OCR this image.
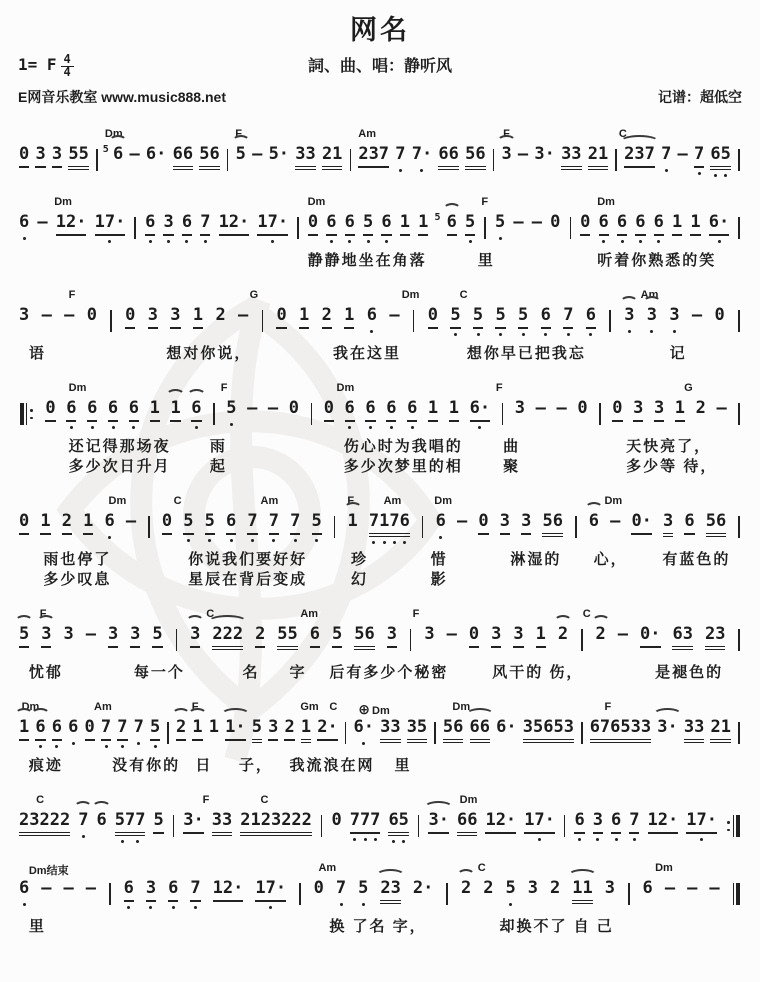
网名
1= F $\frac{4}{4}$	詞、曲、唱：静听风
E网音乐教室 www.music888.net	记谱：超低空
Dm	F	Am	F	C
0 3 3 55 5 6 — 6· 66 56 5 — 5· 33 21 237 7 7· 66 56 3 — 3· 33 21 237 7 — 7 65
Dm	Dm	F	Dm
6 — 12· 17· 6 3 6 7 12· 17· 0 6 6 5 6 1 1 5 6 5 5 — — 0 0 6 6 6 6 1 1 6·
静静地坐在角落	里	听着你熟悉的笑
F	G	Dm	C	Am
3 — — 0 0 3 3 1 2 — 0 1 2 1 6 — 0 5 5 5 5 6 7 6 3 3 3 — 0
语	想对你说，	我在这里	想你早已把我忘	记
Dm	F	Dm	F	G
0 6 6 6 6 1 1 6 5 — — 0 0 6 6 6 6 1 1 6· 3 — — 0 0 3 3 1 2 —
还记得那场夜	雨	伤心时为我唱的	曲	天快亮了，
多少次日升月	起	多少次梦里的相	聚	多少等 待，
Dm	C	Am	F	Am	Dm	Dm
0 1 2 1 6 — 0 5 5 6 7 7 7 5 1 7176 6 — 0 3 3 56 6 — 0· 3 6 56
雨也停了	你说我们要好好	珍	惜	淋湿的 心， 有蓝色的
多少叹息	星辰在背后变成	幻	影
F	C	Am	F	C
5 3 3 — 3 3 5 3 222 2 55 6 5 56 3 3 — 0 3 3 1 2 2 — 0· 63 23
忧郁	每一个	名 字 后有多少个秘密	风干的 伤，	是褪色的
Dm	Am	F	Gm C ⊕ Dm	Dm	F
1 6 6 6 0 7 7 7 5 2 1 1 1· 5 3 2 1 2· 6· 33 35 56 66 6· 35653 676533 3· 33 21
痕迹	没有你的 日 子， 我流浪在网 里
C	F	C	Dm
23222 7 6 577 5 3· 33 2123222 0 777 65 3· 66 12· 17· 6 3 6 7 12· 17·
Dm结束	Am	C	Dm
6 — — — 6 3 6 7 12· 17· 0 7 5 23 2· 2 2 5 3 2 11 3 6 — — —
里	换 了名 字，	却换不了 自 己
